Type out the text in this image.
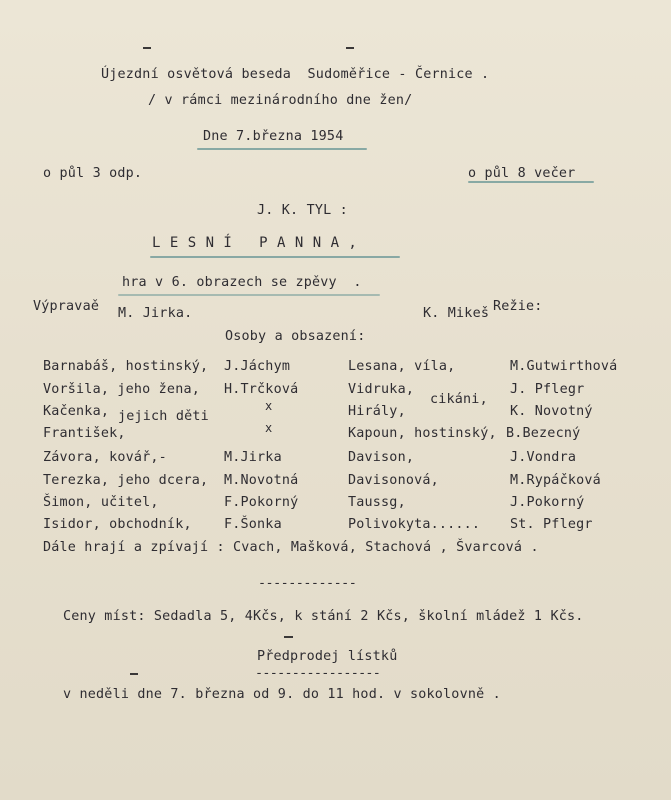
Újezdní osvětová beseda  Sudoměřice - Černice .
/ v rámci mezinárodního dne žen/
Dne 7.března 1954
o půl 3 odp.	o půl 8 večer
J. K. TYL :
L E S N Í   P A N N A ,
hra v 6. obrazech se zpěvy  .
Výpravaě M. Jirka.	K. Mikeš Režie:
Osoby a obsazení:
Barnabáš, hostinský,
Voršila, jeho žena,
Kačenka,
František,
Závora, kovář,-
Terezka, jeho dcera,
Šimon, učitel,
Isidor, obchodník,
jejich děti
J.Jáchym
H.Trčková
x
x
M.Jirka
M.Novotná
F.Pokorný
F.Šonka
Lesana, víla,
Vidruka,
Hirály,
Kapoun, hostinský,
Davison,
Davisonová,
Taussg,
Polivokyta......
cikáni,
M.Gutwirthová
J. Pflegr
K. Novotný
B.Bezecný
J.Vondra
M.Rypáčková
J.Pokorný
St. Pflegr
Dále hrají a zpívají : Cvach, Mašková, Stachová , Švarcová .
-------------
Ceny míst: Sedadla 5, 4Kčs, k stání 2 Kčs, školní mládež 1 Kčs.
Předprodej lístků
-----------------
v neděli dne 7. března od 9. do 11 hod. v sokolovně .
